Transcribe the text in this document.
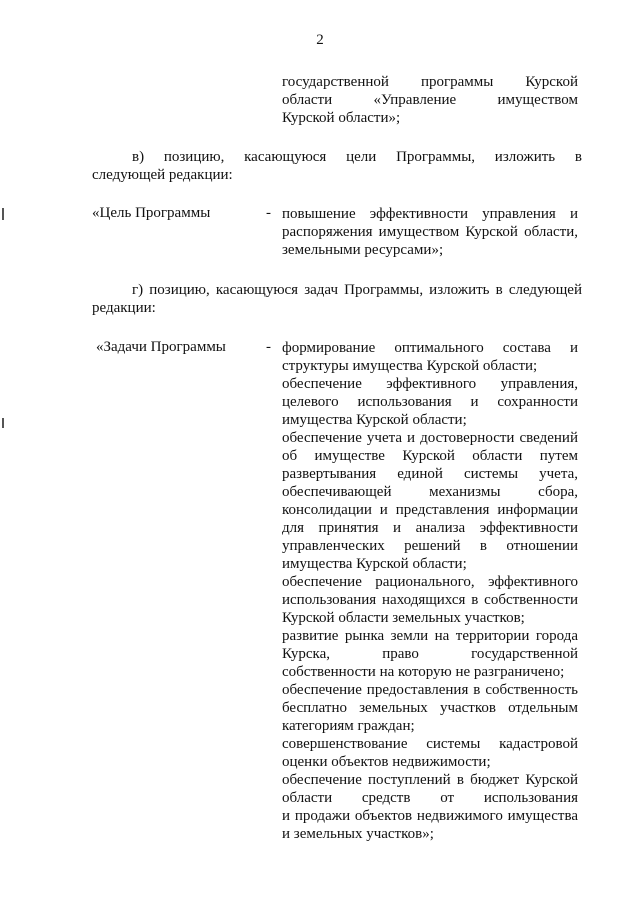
2
государственной программы Курской
области «Управление имуществом
Курской области»;
в) позицию, касающуюся цели Программы, изложить в
следующей редакции:
«Цель Программы	- повышение эффективности управления и
распоряжения имуществом Курской области,
земельными ресурсами»;
г) позицию, касающуюся задач Программы, изложить в следующей
редакции:
«Задачи Программы	- формирование оптимального состава и
структуры имущества Курской области;
обеспечение эффективного управления,
целевого использования и сохранности
имущества Курской области;
обеспечение учета и достоверности сведений
об имуществе Курской области путем
развертывания единой системы учета,
обеспечивающей механизмы сбора,
консолидации и представления информации
для принятия и анализа эффективности
управленческих решений в отношении
имущества Курской области;
обеспечение рационального, эффективного
использования находящихся в собственности
Курской области земельных участков;
развитие рынка земли на территории города
Курска, право государственной
собственности на которую не разграничено;
обеспечение предоставления в собственность
бесплатно земельных участков отдельным
категориям граждан;
совершенствование системы кадастровой
оценки объектов недвижимости;
обеспечение поступлений в бюджет Курской
области средств от использования
и продажи объектов недвижимого имущества
и земельных участков»;
